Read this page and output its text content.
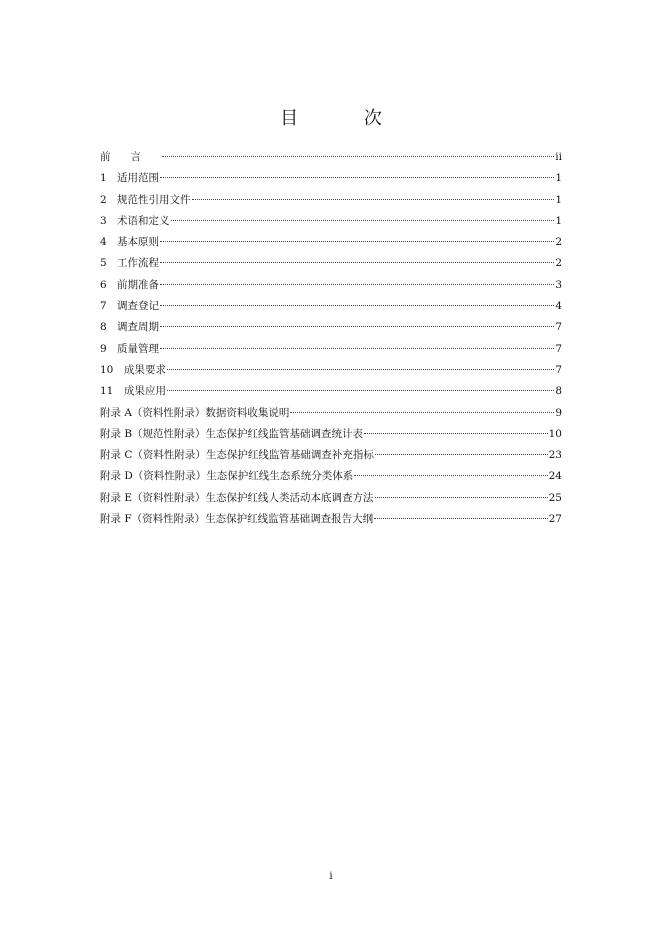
目 次
前言	ii
1 适用范围	1
2 规范性引用文件	1
3 术语和定义	1
4 基本原则	2
5 工作流程	2
6 前期准备	3
7 调查登记	4
8 调查周期	7
9 质量管理	7
10 成果要求	7
11 成果应用	8
附录 A（资料性附录）数据资料收集说明	9
附录 B（规范性附录）生态保护红线监管基础调查统计表	10
附录 C（资料性附录）生态保护红线监管基础调查补充指标	23
附录 D（资料性附录）生态保护红线生态系统分类体系	24
附录 E（资料性附录）生态保护红线人类活动本底调查方法	25
附录 F（资料性附录）生态保护红线监管基础调查报告大纲	27
i
